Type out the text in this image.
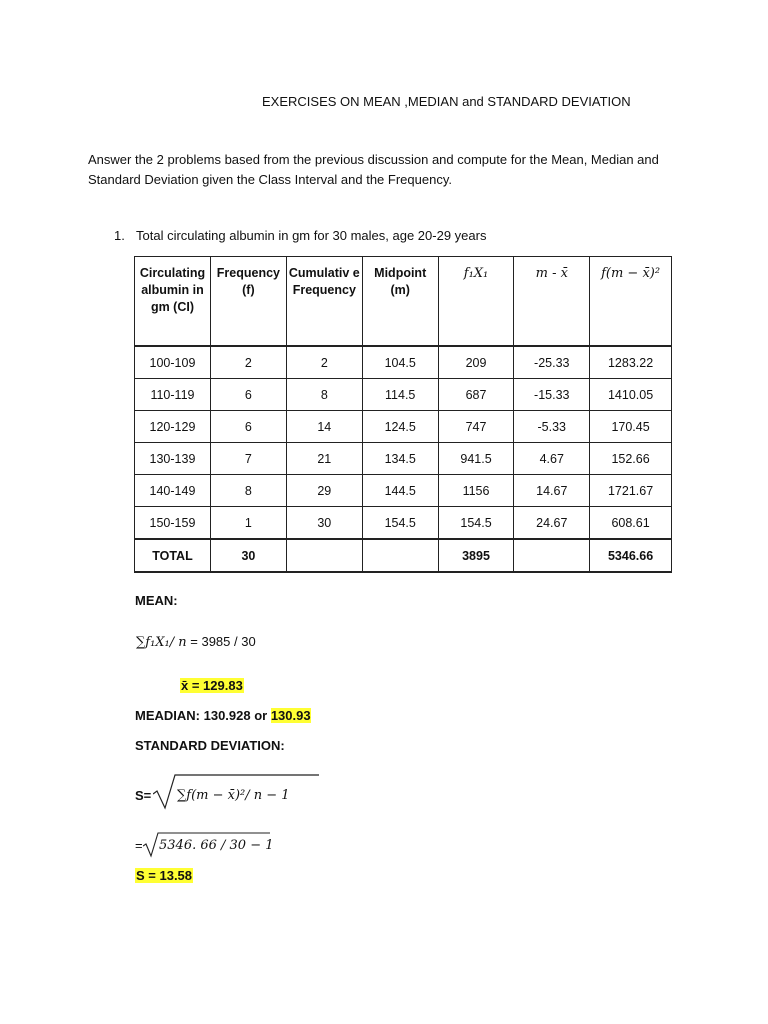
EXERCISES ON MEAN ,MEDIAN and STANDARD DEVIATION
Answer the 2 problems based from the previous discussion and compute for the Mean, Median and Standard Deviation given the Class Interval and the Frequency.
1. Total circulating albumin in gm for 30 males, age 20-29 years
Circulating albumin in gm (CI)	Frequency (f)	Cumulativ e Frequency	Midpoint (m)	f₁X₁	m - x̄	f(m − x̄)²
100-109	2	2	104.5	209	-25.33	1283.22
110-119	6	8	114.5	687	-15.33	1410.05
120-129	6	14	124.5	747	-5.33	170.45
130-139	7	21	134.5	941.5	4.67	152.66
140-149	8	29	144.5	1156	14.67	1721.67
150-159	1	30	154.5	154.5	24.67	608.61
TOTAL	30			3895		5346.66
MEAN:
∑f₁X₁/ n = 3985 / 30
x̄ = 129.83
MEADIAN: 130.928 or 130.93
STANDARD DEVIATION:
S= ∑f(m − x̄)²/ n − 1
= 5346. 66 / 30 − 1
S = 13.58
